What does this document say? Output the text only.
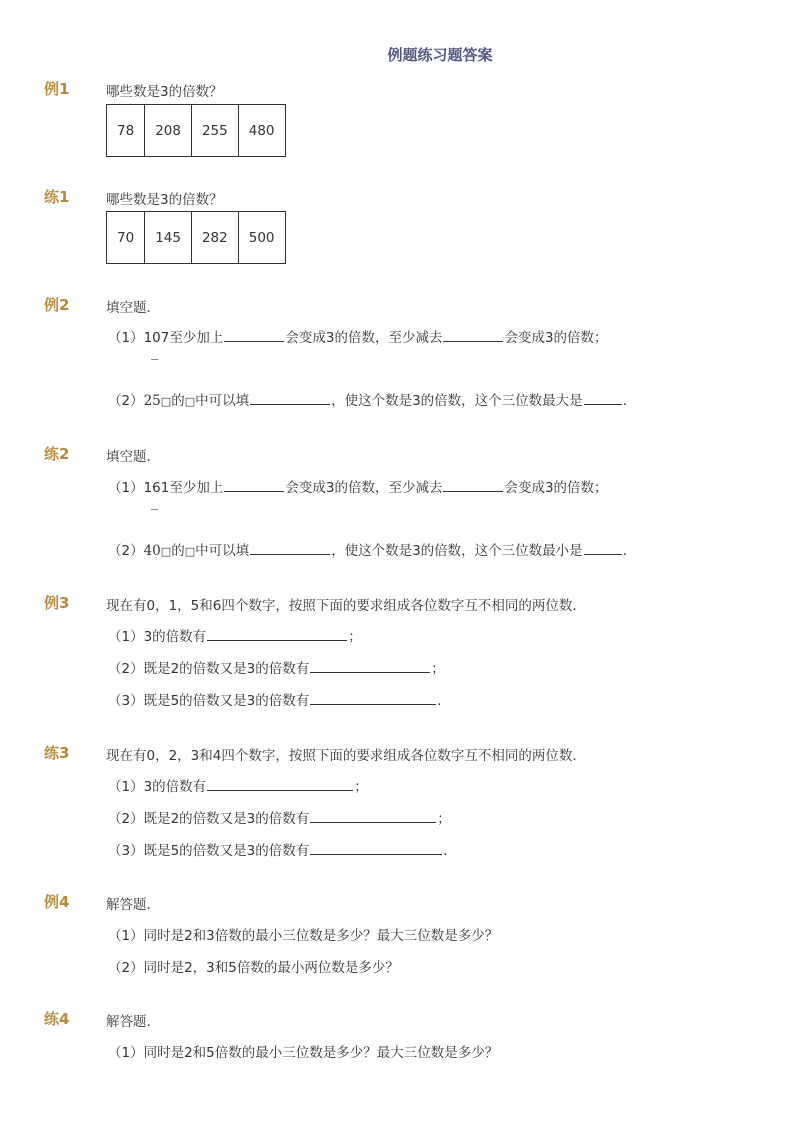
例题练习题答案
例1	哪些数是3的倍数？
78	208	255	480
练1	哪些数是3的倍数？
70	145	282	500
例2	填空题．
（1）107至少加上	会变成3的倍数，至少减去	会变成3的倍数；
（2）25□的□中可以填	，使这个数是3的倍数，这个三位数最大是	．
练2	填空题．
（1）161至少加上	会变成3的倍数，至少减去	会变成3的倍数；
（2）40□的□中可以填	，使这个数是3的倍数，这个三位数最小是	．
例3	现在有0，1，5和6四个数字，按照下面的要求组成各位数字互不相同的两位数．
（1）3的倍数有	；
（2）既是2的倍数又是3的倍数有	；
（3）既是5的倍数又是3的倍数有	．
练3	现在有0，2，3和4四个数字，按照下面的要求组成各位数字互不相同的两位数．
（1）3的倍数有	；
（2）既是2的倍数又是3的倍数有	；
（3）既是5的倍数又是3的倍数有	．
例4	解答题．
（1）同时是2和3倍数的最小三位数是多少？最大三位数是多少？
（2）同时是2，3和5倍数的最小两位数是多少？
练4	解答题．
（1）同时是2和5倍数的最小三位数是多少？最大三位数是多少？
